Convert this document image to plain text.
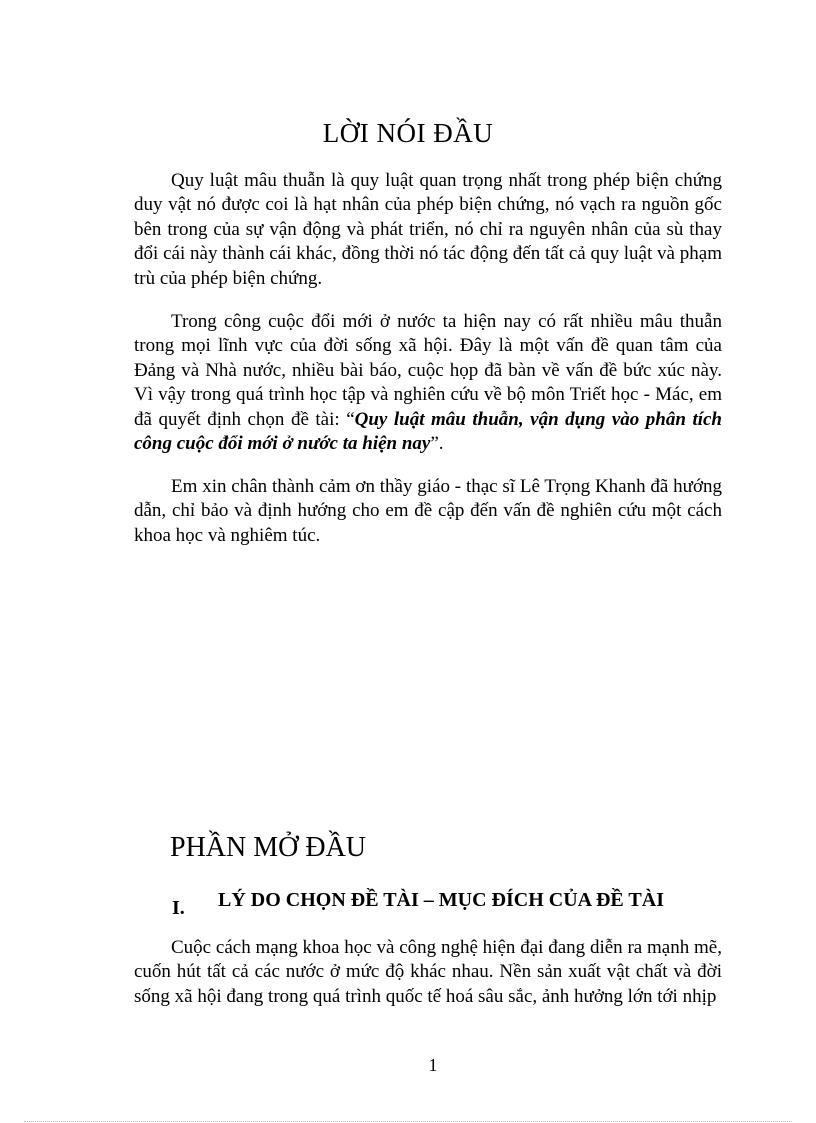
LỜI NÓI ĐẦU

Quy luật mâu thuẫn là quy luật quan trọng nhất trong phép biện chứng duy vật nó được coi là hạt nhân của phép biện chứng, nó vạch ra nguồn gốc bên trong của sự vận động và phát triển, nó chỉ ra nguyên nhân của sù thay đổi cái này thành cái khác, đồng thời nó tác động đến tất cả quy luật và phạm trù của phép biện chứng.

Trong công cuộc đổi mới ở nước ta hiện nay có rất nhiều mâu thuẫn trong mọi lĩnh vực của đời sống xã hội. Đây là một vấn đề quan tâm của Đảng và Nhà nước, nhiều bài báo, cuộc họp đã bàn về vấn đề bức xúc này. Vì vậy trong quá trình học tập và nghiên cứu về bộ môn Triết học - Mác, em đã quyết định chọn đề tài: “Quy luật mâu thuẫn, vận dụng vào phân tích công cuộc đổi mới ở nước ta hiện nay”.

Em xin chân thành cảm ơn thầy giáo - thạc sĩ Lê Trọng Khanh đã hướng dẫn, chỉ bảo và định hướng cho em đề cập đến vấn đề nghiên cứu một cách khoa học và nghiêm túc.

PHẦN MỞ ĐẦU
I. LÝ DO CHỌN ĐỀ TÀI – MỤC ĐÍCH CỦA ĐỀ TÀI

Cuộc cách mạng khoa học và công nghệ hiện đại đang diễn ra mạnh mẽ, cuốn hút tất cả các nước ở mức độ khác nhau. Nền sản xuất vật chất và đời sống xã hội đang trong quá trình quốc tế hoá sâu sắc, ảnh hưởng lớn tới nhịp

1
